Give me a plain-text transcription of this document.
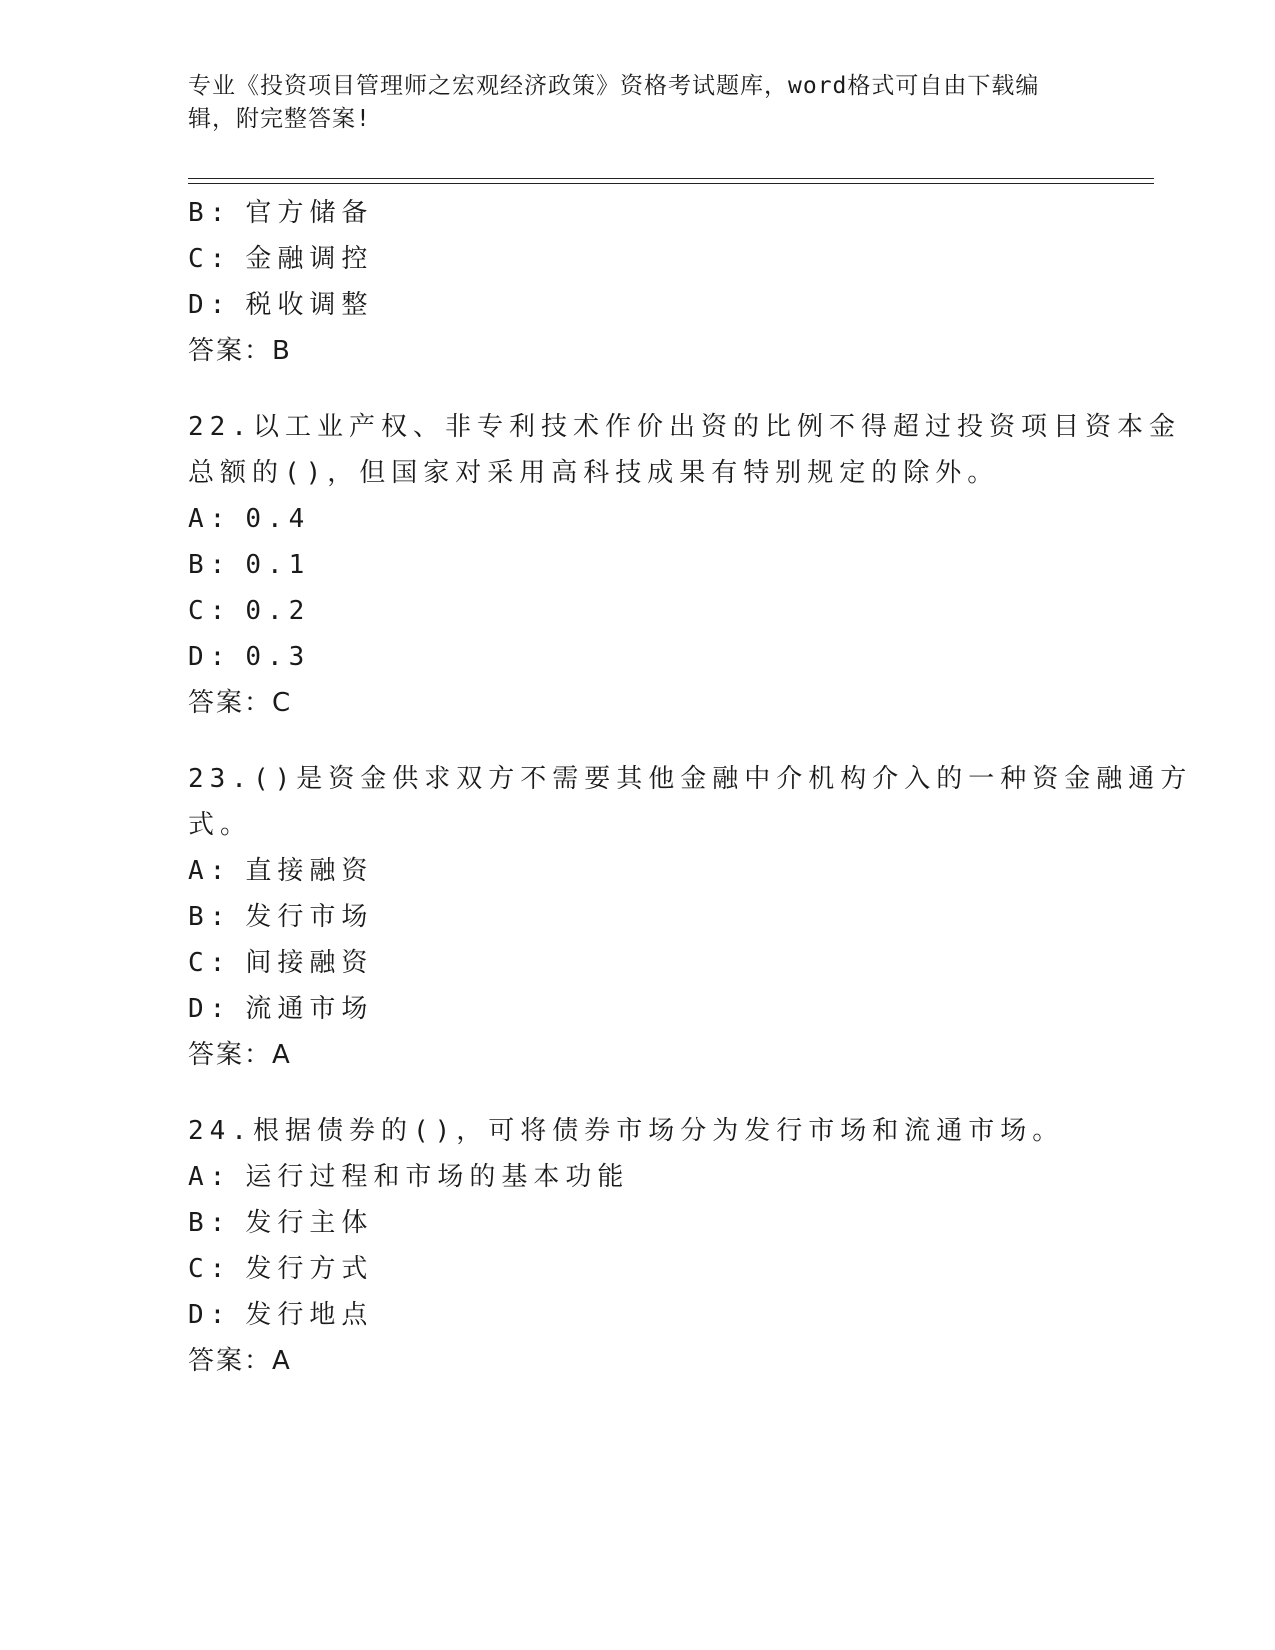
专业《投资项目管理师之宏观经济政策》资格考试题库，word格式可自由下载编
辑，附完整答案!
B: 官方储备
C: 金融调控
D: 税收调整
答案：B
22.以工业产权、非专利技术作价出资的比例不得超过投资项目资本金
总额的()，但国家对采用高科技成果有特别规定的除外。
A: 0.4
B: 0.1
C: 0.2
D: 0.3
答案：C
23.()是资金供求双方不需要其他金融中介机构介入的一种资金融通方
式。
A: 直接融资
B: 发行市场
C: 间接融资
D: 流通市场
答案：A
24.根据债券的()，可将债券市场分为发行市场和流通市场。
A: 运行过程和市场的基本功能
B: 发行主体
C: 发行方式
D: 发行地点
答案：A
